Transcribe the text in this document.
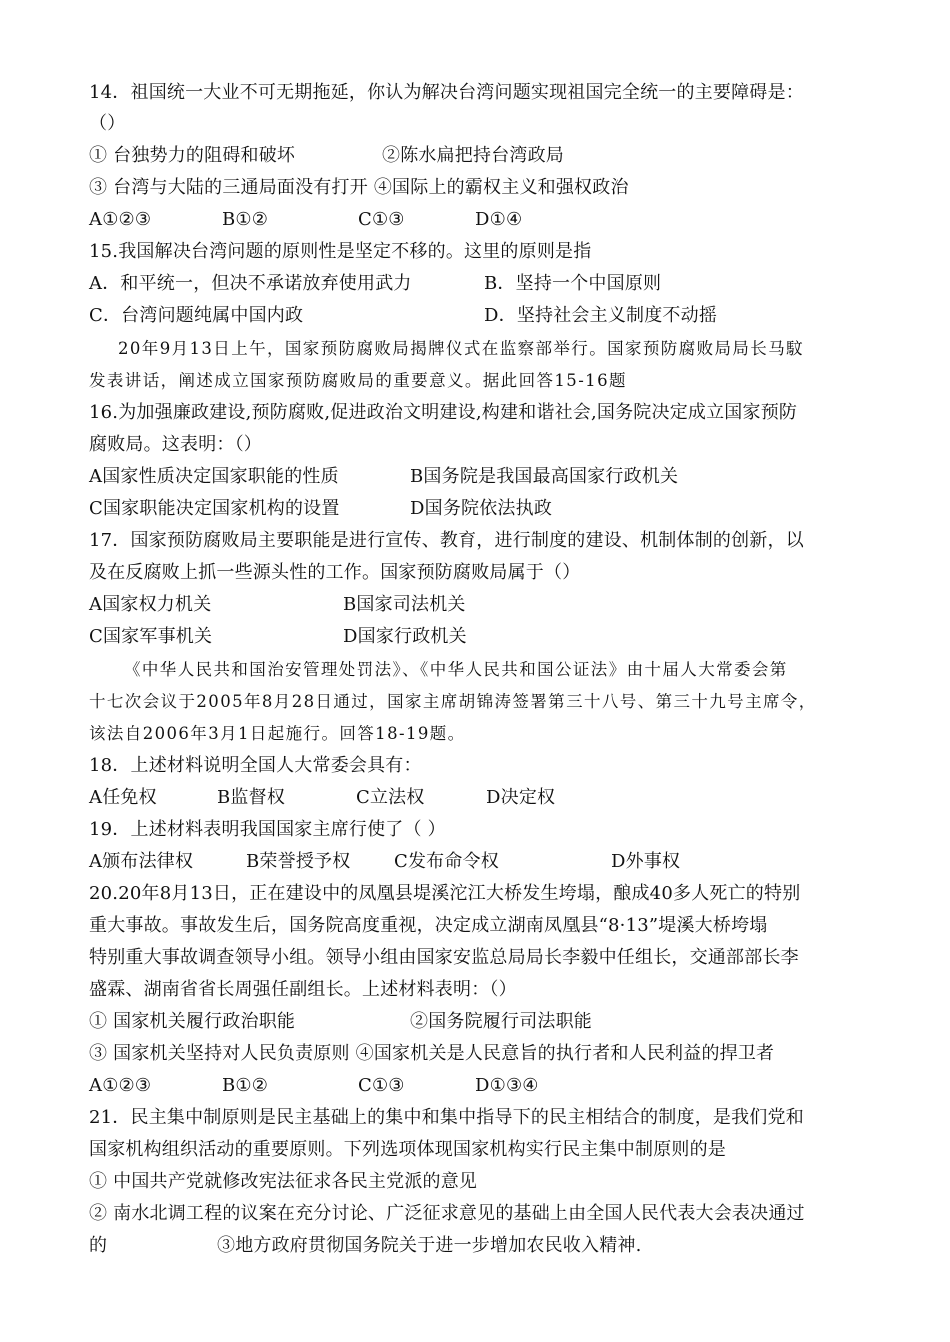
14．祖国统一大业不可无期拖延，你认为解决台湾问题实现祖国完全统一的主要障碍是：
（）
① 台独势力的阻碍和破坏	②陈水扁把持台湾政局
③ 台湾与大陆的三通局面没有打开 ④国际上的霸权主义和强权政治
A①②③	B①②	C①③	D①④
15.我国解决台湾问题的原则性是坚定不移的。这里的原则是指
A．和平统一，但决不承诺放弃使用武力	B．坚持一个中国原则
C．台湾问题纯属中国内政	D．坚持社会主义制度不动摇
20年9月13日上午，国家预防腐败局揭牌仪式在监察部举行。国家预防腐败局局长马馼
发表讲话，阐述成立国家预防腐败局的重要意义。据此回答15-16题
16.为加强廉政建设,预防腐败,促进政治文明建设,构建和谐社会,国务院决定成立国家预防
腐败局。这表明：（）
A国家性质决定国家职能的性质	B国务院是我国最高国家行政机关
C国家职能决定国家机构的设置	D国务院依法执政
17．国家预防腐败局主要职能是进行宣传、教育，进行制度的建设、机制体制的创新，以
及在反腐败上抓一些源头性的工作。国家预防腐败局属于（）
A国家权力机关	B国家司法机关
C国家军事机关	D国家行政机关
《中华人民共和国治安管理处罚法》、《中华人民共和国公证法》由十届人大常委会第
十七次会议于2005年8月28日通过，国家主席胡锦涛签署第三十八号、第三十九号主席令，
该法自2006年3月1日起施行。回答18-19题。
18．上述材料说明全国人大常委会具有：
A任免权	B监督权	C立法权	D决定权
19．上述材料表明我国国家主席行使了（ ）
A颁布法律权	B荣誉授予权 C发布命令权	D外事权
20.20年8月13日，正在建设中的凤凰县堤溪沱江大桥发生垮塌，酿成40多人死亡的特别
重大事故。事故发生后，国务院高度重视，决定成立湖南凤凰县“8·13”堤溪大桥垮塌
特别重大事故调查领导小组。领导小组由国家安监总局局长李毅中任组长，交通部部长李
盛霖、湖南省省长周强任副组长。上述材料表明：（）
① 国家机关履行政治职能	②国务院履行司法职能
③ 国家机关坚持对人民负责原则 ④国家机关是人民意旨的执行者和人民利益的捍卫者
A①②③	B①②	C①③	D①③④
21．民主集中制原则是民主基础上的集中和集中指导下的民主相结合的制度，是我们党和
国家机构组织活动的重要原则。下列选项体现国家机构实行民主集中制原则的是
① 中国共产党就修改宪法征求各民主党派的意见
② 南水北调工程的议案在充分讨论、广泛征求意见的基础上由全国人民代表大会表决通过
的	③地方政府贯彻国务院关于进一步增加农民收入精神.
